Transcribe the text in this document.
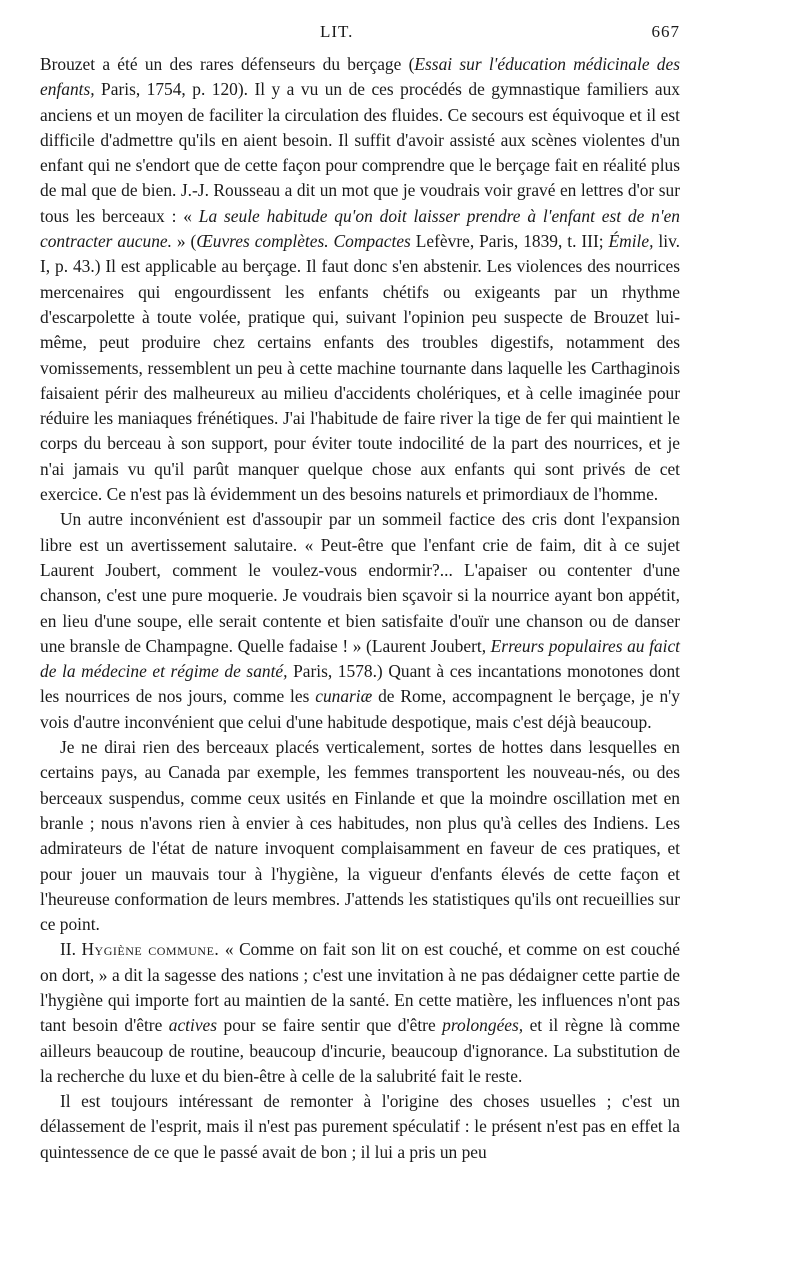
LIT.	667

Brouzet a été un des rares défenseurs du berçage (Essai sur l'éducation médicinale des enfants, Paris, 1754, p. 120). Il y a vu un de ces procédés de gymnastique familiers aux anciens et un moyen de faciliter la circulation des fluides. Ce secours est équivoque et il est difficile d'admettre qu'ils en aient besoin. Il suffit d'avoir assisté aux scènes violentes d'un enfant qui ne s'endort que de cette façon pour comprendre que le berçage fait en réalité plus de mal que de bien. J.-J. Rousseau a dit un mot que je voudrais voir gravé en lettres d'or sur tous les berceaux : « La seule habitude qu'on doit laisser prendre à l'enfant est de n'en contracter aucune. » (Œuvres complètes. Compactes Lefèvre, Paris, 1839, t. III; Émile, liv. I, p. 43.) Il est applicable au berçage. Il faut donc s'en abstenir. Les violences des nourrices mercenaires qui engourdissent les enfants chétifs ou exigeants par un rhythme d'escarpolette à toute volée, pratique qui, suivant l'opinion peu suspecte de Brouzet lui-même, peut produire chez certains enfants des troubles digestifs, notamment des vomissements, ressemblent un peu à cette machine tournante dans laquelle les Carthaginois faisaient périr des malheureux au milieu d'accidents cholériques, et à celle imaginée pour réduire les maniaques frénétiques. J'ai l'habitude de faire river la tige de fer qui maintient le corps du berceau à son support, pour éviter toute indocilité de la part des nourrices, et je n'ai jamais vu qu'il parût manquer quelque chose aux enfants qui sont privés de cet exercice. Ce n'est pas là évidemment un des besoins naturels et primordiaux de l'homme.

Un autre inconvénient est d'assoupir par un sommeil factice des cris dont l'expansion libre est un avertissement salutaire. « Peut-être que l'enfant crie de faim, dit à ce sujet Laurent Joubert, comment le voulez-vous endormir?... L'apaiser ou contenter d'une chanson, c'est une pure moquerie. Je voudrais bien sçavoir si la nourrice ayant bon appétit, en lieu d'une soupe, elle serait contente et bien satisfaite d'ouïr une chanson ou de danser une bransle de Champagne. Quelle fadaise ! » (Laurent Joubert, Erreurs populaires au faict de la médecine et régime de santé, Paris, 1578.) Quant à ces incantations monotones dont les nourrices de nos jours, comme les cunariæ de Rome, accompagnent le berçage, je n'y vois d'autre inconvénient que celui d'une habitude despotique, mais c'est déjà beaucoup.

Je ne dirai rien des berceaux placés verticalement, sortes de hottes dans lesquelles en certains pays, au Canada par exemple, les femmes transportent les nouveau-nés, ou des berceaux suspendus, comme ceux usités en Finlande et que la moindre oscillation met en branle ; nous n'avons rien à envier à ces habitudes, non plus qu'à celles des Indiens. Les admirateurs de l'état de nature invoquent complaisamment en faveur de ces pratiques, et pour jouer un mauvais tour à l'hygiène, la vigueur d'enfants élevés de cette façon et l'heureuse conformation de leurs membres. J'attends les statistiques qu'ils ont recueillies sur ce point.

II. Hygiène commune. « Comme on fait son lit on est couché, et comme on est couché on dort, » a dit la sagesse des nations ; c'est une invitation à ne pas dédaigner cette partie de l'hygiène qui importe fort au maintien de la santé. En cette matière, les influences n'ont pas tant besoin d'être actives pour se faire sentir que d'être prolongées, et il règne là comme ailleurs beaucoup de routine, beaucoup d'incurie, beaucoup d'ignorance. La substitution de la recherche du luxe et du bien-être à celle de la salubrité fait le reste.

Il est toujours intéressant de remonter à l'origine des choses usuelles ; c'est un délassement de l'esprit, mais il n'est pas purement spéculatif : le présent n'est pas en effet la quintessence de ce que le passé avait de bon ; il lui a pris un peu
